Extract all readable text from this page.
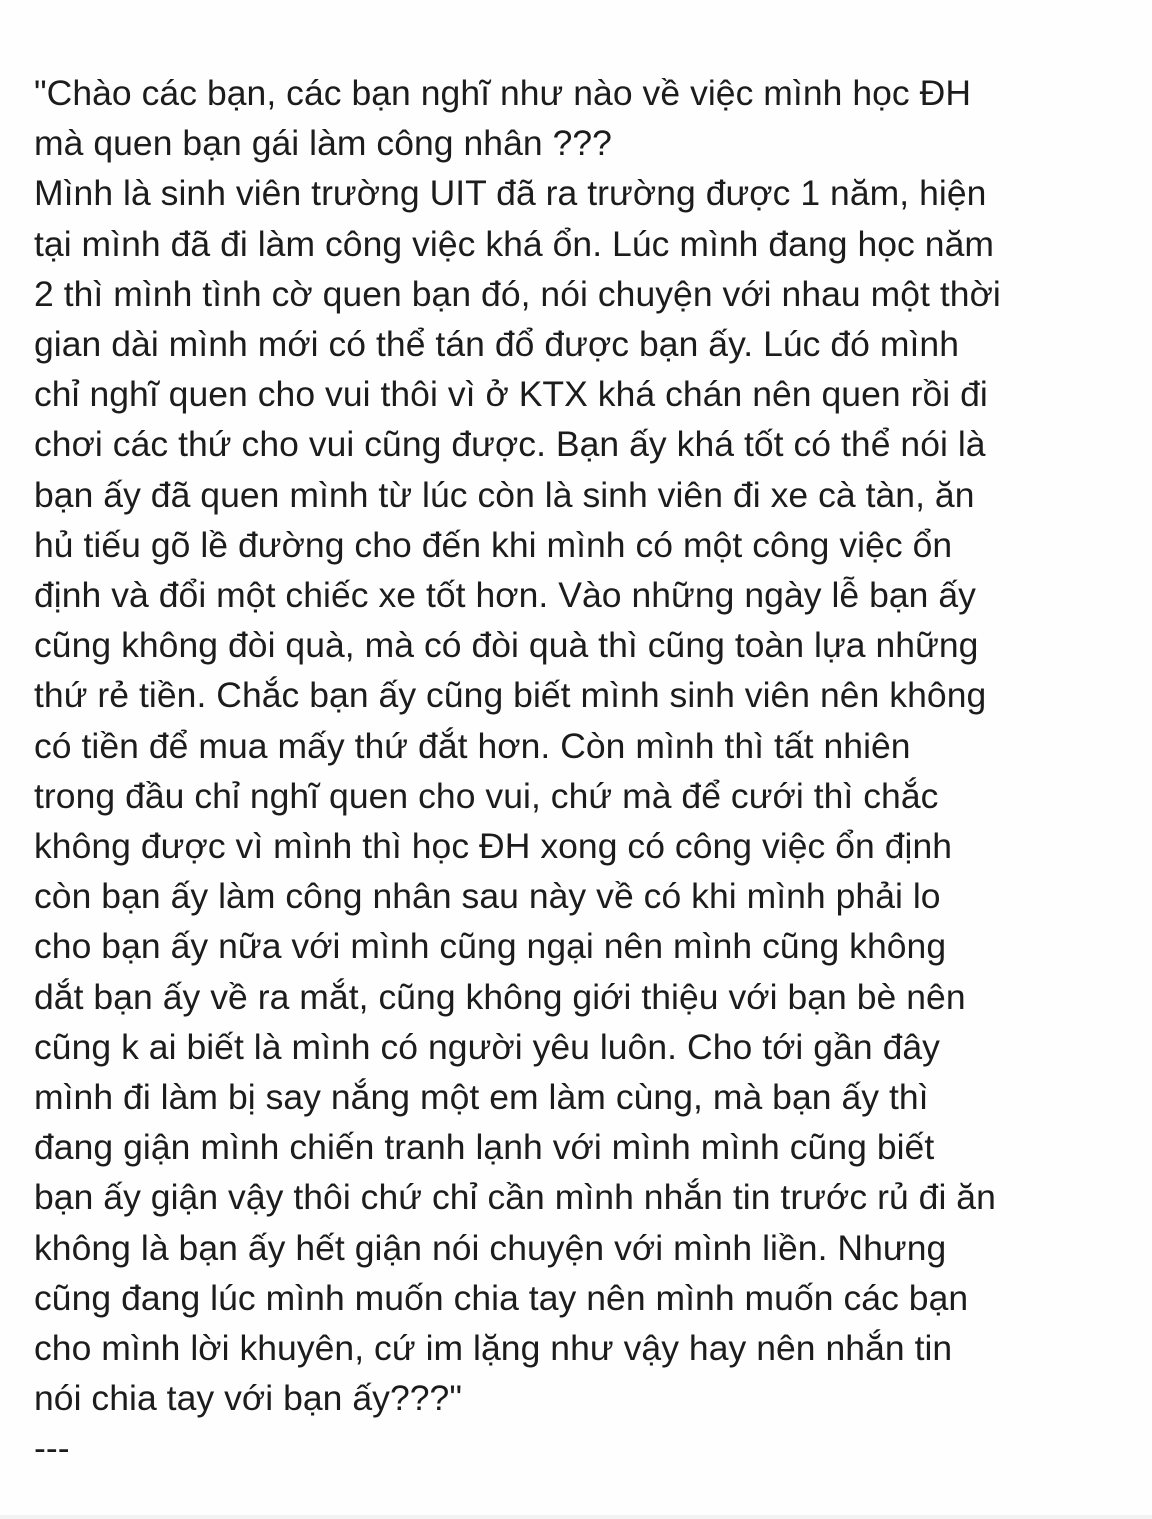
"Chào các bạn, các bạn nghĩ như nào về việc mình học ĐH
mà quen bạn gái làm công nhân ???
Mình là sinh viên trường UIT đã ra trường được 1 năm, hiện
tại mình đã đi làm công việc khá ổn. Lúc mình đang học năm
2 thì mình tình cờ quen bạn đó, nói chuyện với nhau một thời
gian dài mình mới có thể tán đổ được bạn ấy. Lúc đó mình
chỉ nghĩ quen cho vui thôi vì ở KTX khá chán nên quen rồi đi
chơi các thứ cho vui cũng được. Bạn ấy khá tốt có thể nói là
bạn ấy đã quen mình từ lúc còn là sinh viên đi xe cà tàn, ăn
hủ tiếu gõ lề đường cho đến khi mình có một công việc ổn
định và đổi một chiếc xe tốt hơn. Vào những ngày lễ bạn ấy
cũng không đòi quà, mà có đòi quà thì cũng toàn lựa những
thứ rẻ tiền. Chắc bạn ấy cũng biết mình sinh viên nên không
có tiền để mua mấy thứ đắt hơn. Còn mình thì tất nhiên
trong đầu chỉ nghĩ quen cho vui, chứ mà để cưới thì chắc
không được vì mình thì học ĐH xong có công việc ổn định
còn bạn ấy làm công nhân sau này về có khi mình phải lo
cho bạn ấy nữa với mình cũng ngại nên mình cũng không
dắt bạn ấy về ra mắt, cũng không giới thiệu với bạn bè nên
cũng k ai biết là mình có người yêu luôn. Cho tới gần đây
mình đi làm bị say nắng một em làm cùng, mà bạn ấy thì
đang giận mình chiến tranh lạnh với mình mình cũng biết
bạn ấy giận vậy thôi chứ chỉ cần mình nhắn tin trước rủ đi ăn
không là bạn ấy hết giận nói chuyện với mình liền. Nhưng
cũng đang lúc mình muốn chia tay nên mình muốn các bạn
cho mình lời khuyên, cứ im lặng như vậy hay nên nhắn tin
nói chia tay với bạn ấy???"
---
